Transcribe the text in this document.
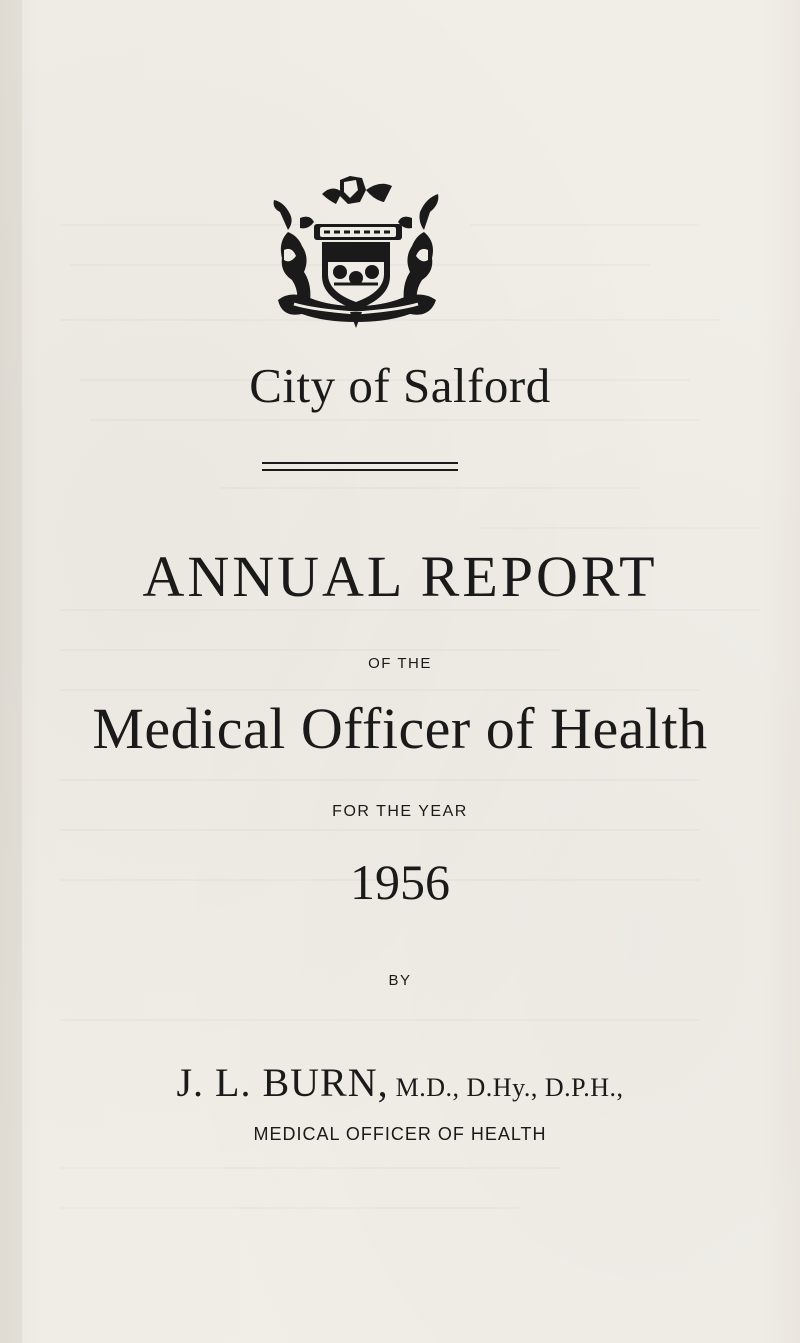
City of Salford
ANNUAL REPORT
OF THE
Medical Officer of Health
FOR THE YEAR
1956
BY
J. L. BURN, M.D., D.Hy., D.P.H.,
MEDICAL OFFICER OF HEALTH
